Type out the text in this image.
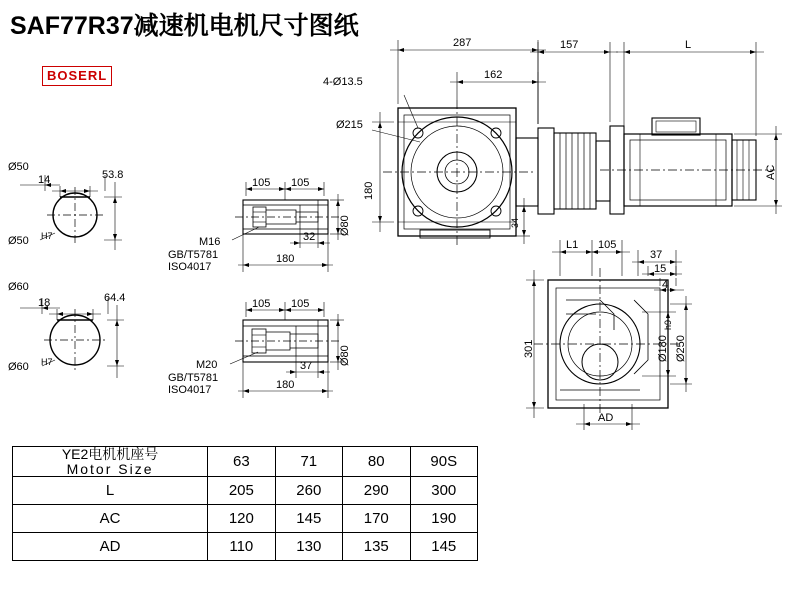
SAF77R37减速机电机尺寸图纸
BOSERL
Ø50
14	53.8
Ø50 H7
Ø60
18	64.4
Ø60 H7
105 105
32
180
Ø80
M16
GB/T5781
ISO4017
105 105
37
180
Ø80
M20
GB/T5781
ISO4017
287
162
4-Ø13.5
Ø215
180
34
157	L
AC
L1 105
37
15
4
301	Ø180
h9
Ø250
AD
YE2电机机座号
Motor Size	63	71	80	90S
L	205	260	290	300
AC	120	145	170	190
AD	110	130	135	145
